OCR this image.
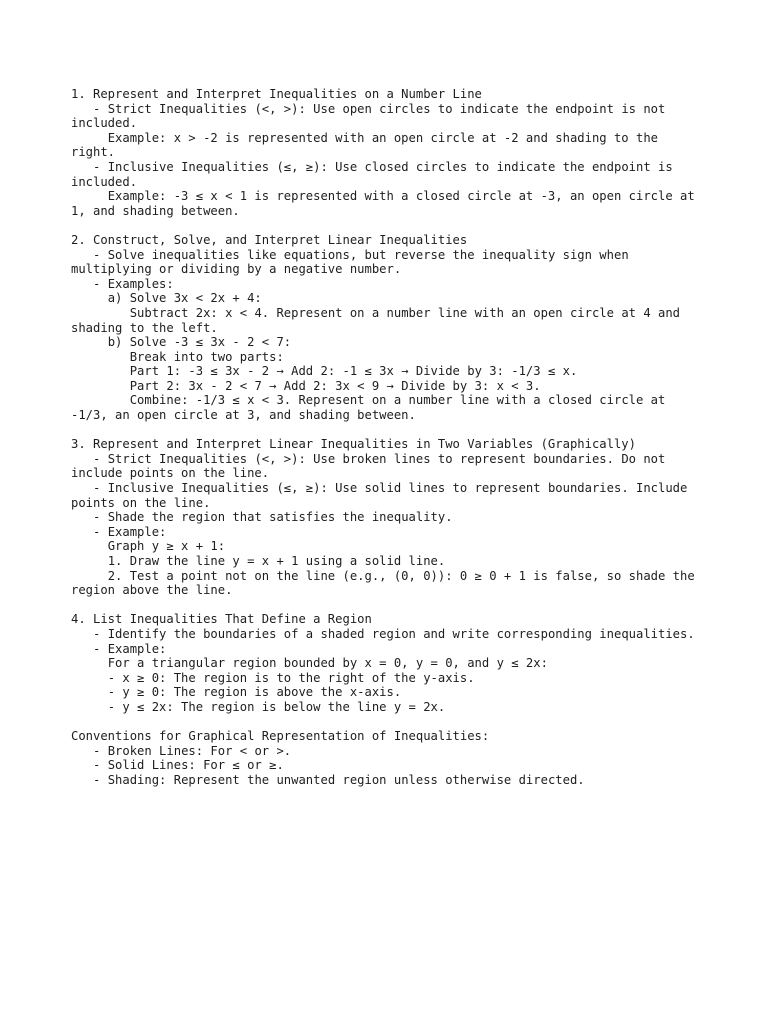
1. Represent and Interpret Inequalities on a Number Line
- Strict Inequalities (<, >): Use open circles to indicate the endpoint is not included.
Example: x > -2 is represented with an open circle at -2 and shading to the right.
- Inclusive Inequalities (≤, ≥): Use closed circles to indicate the endpoint is included.
Example: -3 ≤ x < 1 is represented with a closed circle at -3, an open circle at 1, and shading between.

2. Construct, Solve, and Interpret Linear Inequalities
- Solve inequalities like equations, but reverse the inequality sign when multiplying or dividing by a negative number.
- Examples:
a) Solve 3x < 2x + 4:
Subtract 2x: x < 4. Represent on a number line with an open circle at 4 and shading to the left.
b) Solve -3 ≤ 3x - 2 < 7:
Break into two parts:
Part 1: -3 ≤ 3x - 2 → Add 2: -1 ≤ 3x → Divide by 3: -1/3 ≤ x.
Part 2: 3x - 2 < 7 → Add 2: 3x < 9 → Divide by 3: x < 3.
Combine: -1/3 ≤ x < 3. Represent on a number line with a closed circle at -1/3, an open circle at 3, and shading between.

3. Represent and Interpret Linear Inequalities in Two Variables (Graphically)
- Strict Inequalities (<, >): Use broken lines to represent boundaries. Do not include points on the line.
- Inclusive Inequalities (≤, ≥): Use solid lines to represent boundaries. Include points on the line.
- Shade the region that satisfies the inequality.
- Example:
Graph y ≥ x + 1:
1. Draw the line y = x + 1 using a solid line.
2. Test a point not on the line (e.g., (0, 0)): 0 ≥ 0 + 1 is false, so shade the region above the line.

4. List Inequalities That Define a Region
- Identify the boundaries of a shaded region and write corresponding inequalities.
- Example:
For a triangular region bounded by x = 0, y = 0, and y ≤ 2x:
- x ≥ 0: The region is to the right of the y-axis.
- y ≥ 0: The region is above the x-axis.
- y ≤ 2x: The region is below the line y = 2x.

Conventions for Graphical Representation of Inequalities:
- Broken Lines: For < or >.
- Solid Lines: For ≤ or ≥.
- Shading: Represent the unwanted region unless otherwise directed.
